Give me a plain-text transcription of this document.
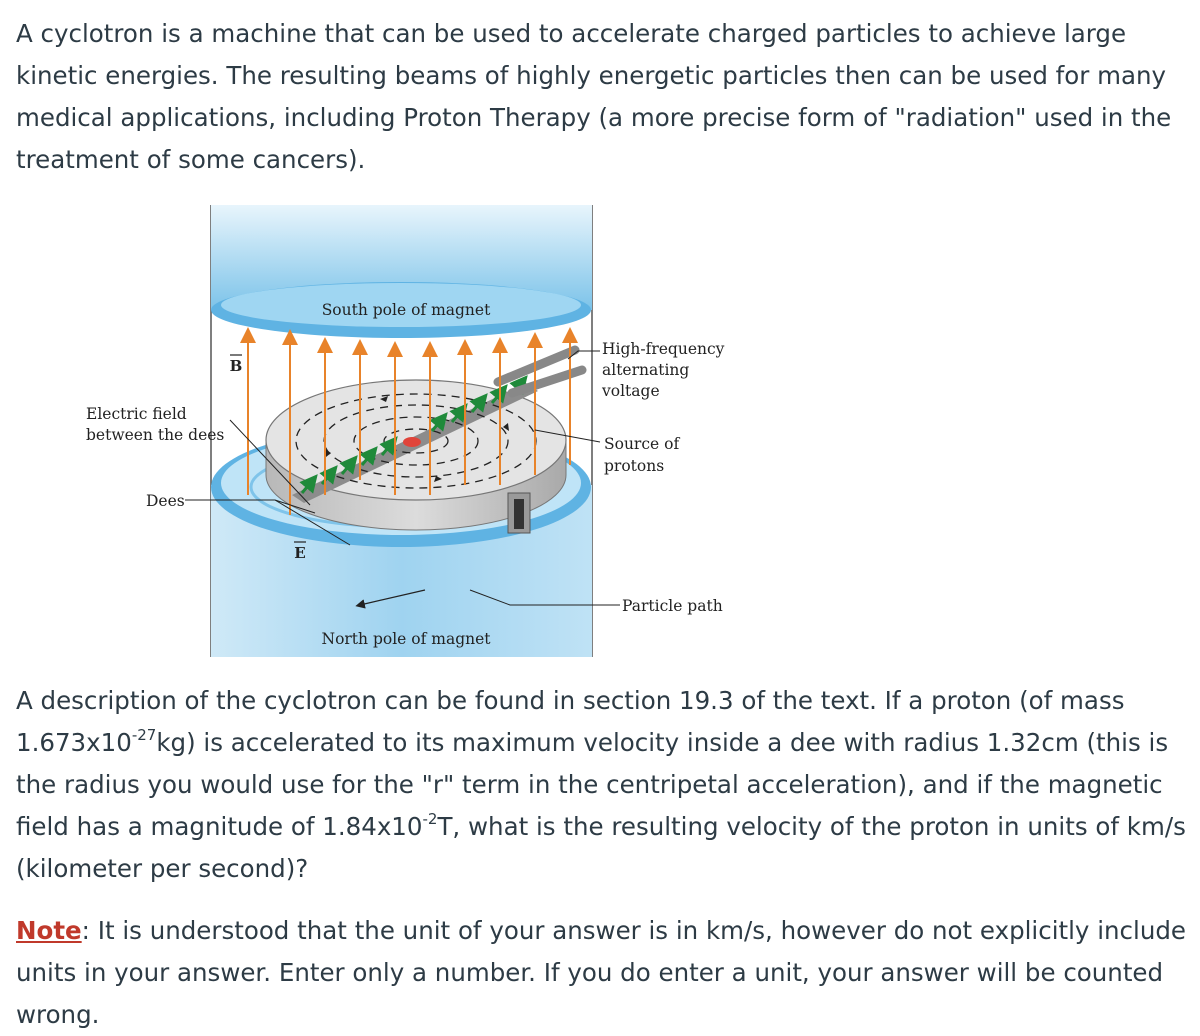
A cyclotron is a machine that can be used to accelerate charged particles to achieve large kinetic energies. The resulting beams of highly energetic particles then can be used for many medical applications, including Proton Therapy (a more precise form of "radiation" used in the treatment of some cancers).

South pole of magnet
B
E
North pole of magnet
High-frequency
alternating
voltage
Source of
protons
Particle path
Electric field
between the dees
Dees

A description of the cyclotron can be found in section 19.3 of the text. If a proton (of mass $1.673x10^{-27}kg$) is accelerated to its maximum velocity inside a dee with radius 1.32cm (this is the radius you would use for the "r" term in the centripetal acceleration), and if the magnetic field has a magnitude of $1.84x10^{-2}T$, what is the resulting velocity of the proton in units of km/s (kilometer per second)?

Note: It is understood that the unit of your answer is in km/s, however do not explicitly include units in your answer. Enter only a number. If you do enter a unit, your answer will be counted wrong.
